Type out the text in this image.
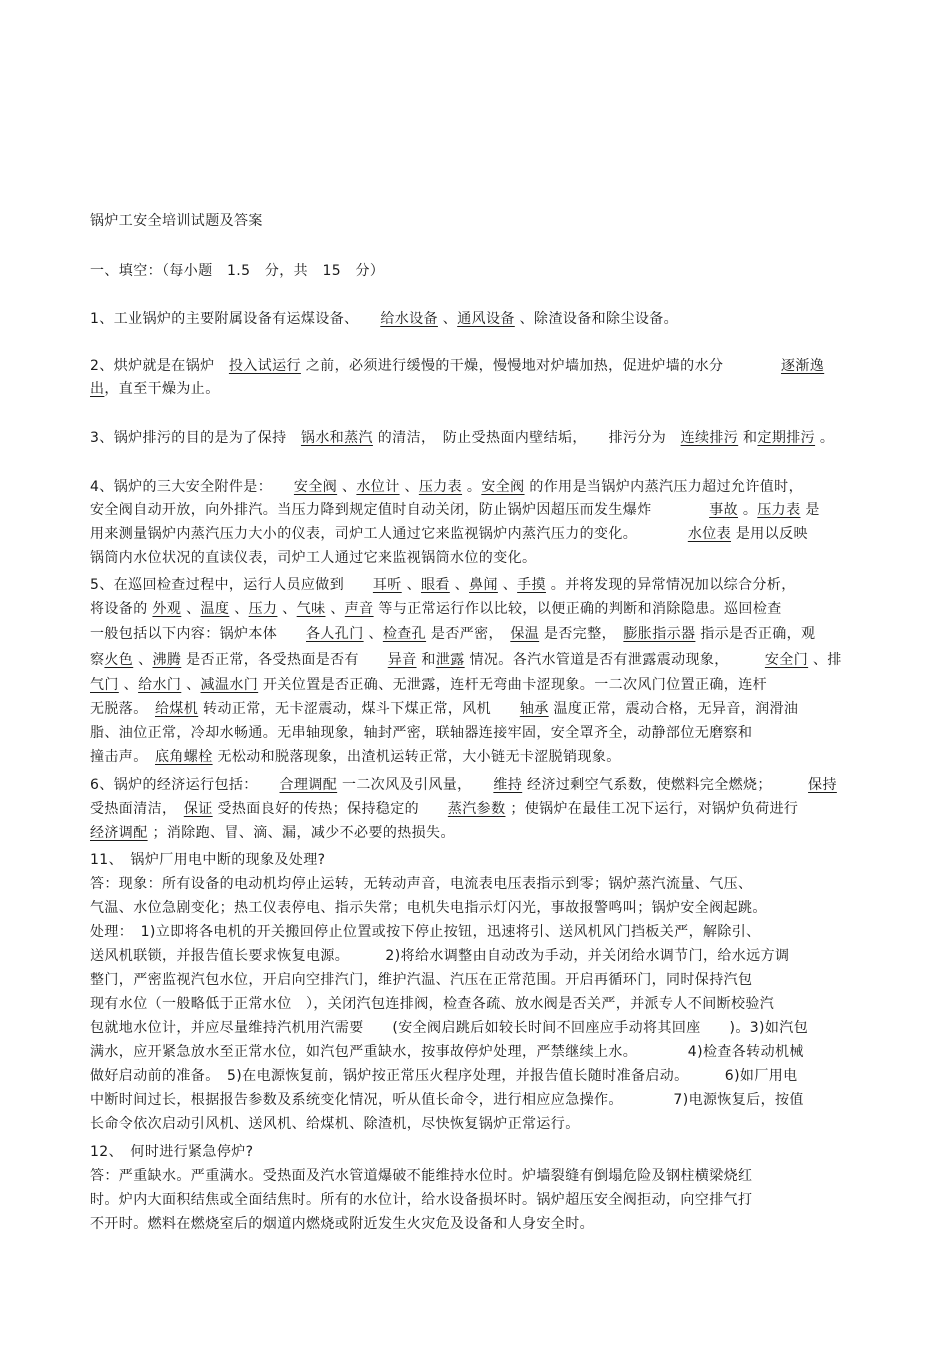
锅炉工安全培训试题及答案

一、填空：（每小题　1.5　分，共　15　分）

1、工业锅炉的主要附属设备有运煤设备、　　给水设备 、通风设备 、除渣设备和除尘设备。

2、烘炉就是在锅炉　投入试运行 之前，必须进行缓慢的干燥，慢慢地对炉墙加热，促进炉墙的水分　　　　逐渐逸

出，直至干燥为止。

3、锅炉排污的目的是为了保持　锅水和蒸汽 的清洁，　防止受热面内壁结垢，　　排污分为　连续排污 和定期排污 。

4、锅炉的三大安全附件是：　　安全阀 、水位计 、压力表 。安全阀 的作用是当锅炉内蒸汽压力超过允许值时，

安全阀自动开放，向外排汽。当压力降到规定值时自动关闭，防止锅炉因超压而发生爆炸　　　　事故 。压力表 是

用来测量锅炉内蒸汽压力大小的仪表，司炉工人通过它来监视锅炉内蒸汽压力的变化。　　　　水位表 是用以反映

锅筒内水位状况的直读仪表，司炉工人通过它来监视锅筒水位的变化。

5、在巡回检查过程中，运行人员应做到　　耳听 、眼看 、鼻闻 、手摸 。并将发现的异常情况加以综合分析，

将设备的 外观 、温度 、压力 、气味 、声音 等与正常运行作以比较，以便正确的判断和消除隐患。巡回检查

一般包括以下内容：锅炉本体　　各人孔门 、检查孔 是否严密，　保温 是否完整，　膨胀指示器 指示是否正确，观

察火色 、沸腾 是否正常，各受热面是否有　　异音 和泄露 情况。各汽水管道是否有泄露震动现象，　　　安全门 、排

气门 、给水门 、减温水门 开关位置是否正确、无泄露，连杆无弯曲卡涩现象。一二次风门位置正确，连杆

无脱落。　给煤机 转动正常，无卡涩震动，煤斗下煤正常，风机　　轴承 温度正常，震动合格，无异音，润滑油

脂、油位正常，冷却水畅通。无串轴现象，轴封严密，联轴器连接牢固，安全罩齐全，动静部位无磨察和

撞击声。　底角螺栓 无松动和脱落现象，出渣机运转正常，大小链无卡涩脱销现象。

6、锅炉的经济运行包括：　　合理调配 一二次风及引风量，　　维持 经济过剩空气系数，使燃料完全燃烧；　　　保持

受热面清洁，　保证 受热面良好的传热；保持稳定的　　蒸汽参数 ；使锅炉在最佳工况下运行，对锅炉负荷进行

经济调配 ；消除跑、冒、滴、漏，减少不必要的热损失。

11、　锅炉厂用电中断的现象及处理?

答：现象：所有设备的电动机均停止运转，无转动声音，电流表电压表指示到零；锅炉蒸汽流量、气压、

气温、水位急剧变化；热工仪表停电、指示失常；电机失电指示灯闪光，事故报警鸣叫；锅炉安全阀起跳。

处理：　1)立即将各电机的开关搬回停止位置或按下停止按钮，迅速将引、送风机风门挡板关严，解除引、

送风机联锁，并报告值长要求恢复电源。　　　2)将给水调整由自动改为手动，并关闭给水调节门，给水远方调

整门，严密监视汽包水位，开启向空排汽门，维护汽温、汽压在正常范围。开启再循环门，同时保持汽包

现有水位（一般略低于正常水位　），关闭汽包连排阀，检查各疏、放水阀是否关严，并派专人不间断校验汽

包就地水位计，并应尽量维持汽机用汽需要　　(安全阀启跳后如较长时间不回座应手动将其回座　　)。3)如汽包

满水，应开紧急放水至正常水位，如汽包严重缺水，按事故停炉处理，严禁继续上水。　　　　4)检查各转动机械

做好启动前的准备。　5)在电源恢复前，锅炉按正常压火程序处理，并报告值长随时准备启动。　　　6)如厂用电

中断时间过长，根据报告参数及系统变化情况，听从值长命令，进行相应应急操作。　　　　7)电源恢复后，按值

长命令依次启动引风机、送风机、给煤机、除渣机，尽快恢复锅炉正常运行。

12、　何时进行紧急停炉?

答：严重缺水。严重满水。受热面及汽水管道爆破不能维持水位时。炉墙裂缝有倒塌危险及钢柱横梁烧红

时。炉内大面积结焦或全面结焦时。所有的水位计，给水设备损坏时。锅炉超压安全阀拒动，向空排气打

不开时。燃料在燃烧室后的烟道内燃烧或附近发生火灾危及设备和人身安全时。
